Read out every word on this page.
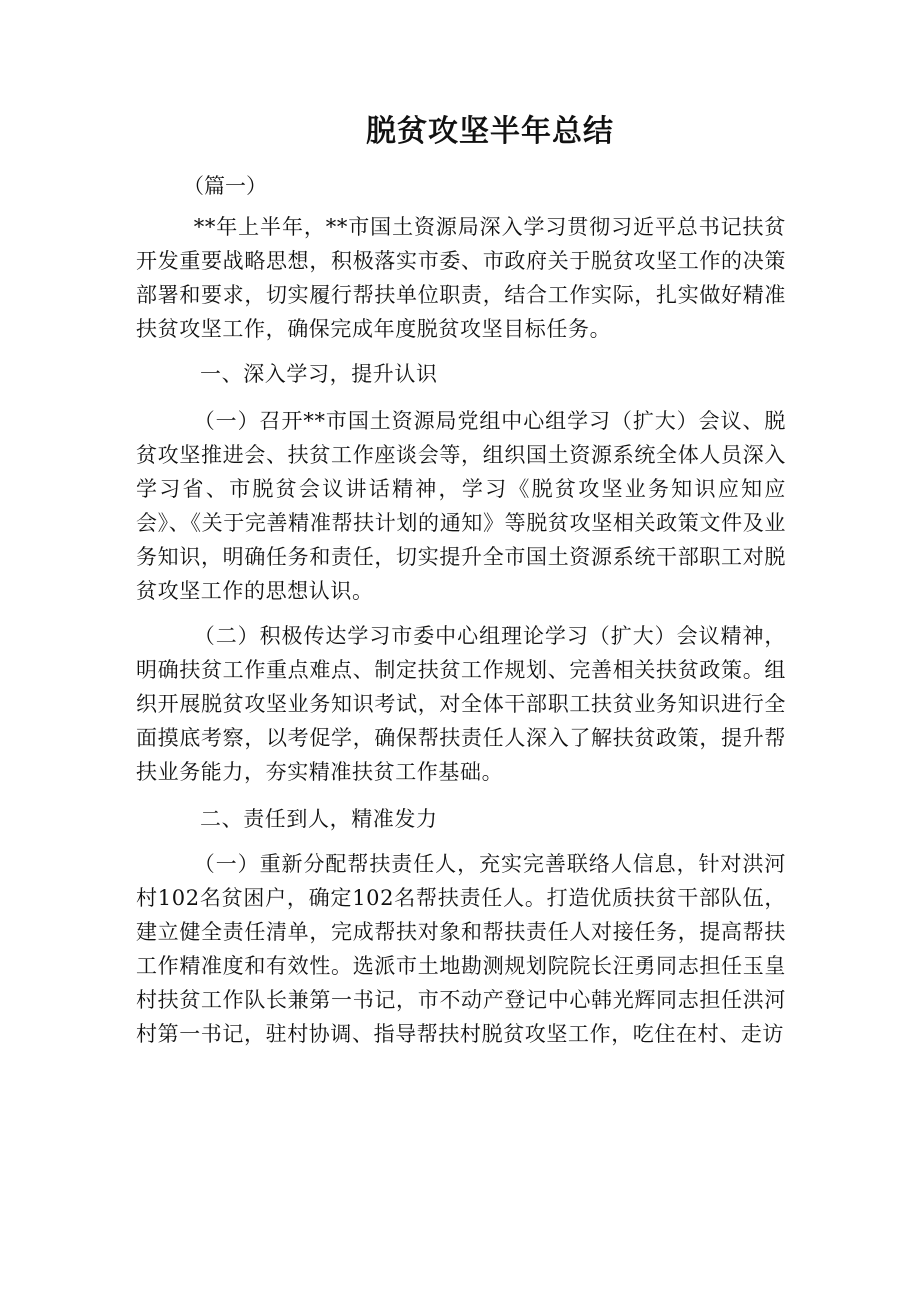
脱贫攻坚半年总结
（篇一）

**年上半年，**市国土资源局深入学习贯彻习近平总书记扶贫开发重要战略思想，积极落实市委、市政府关于脱贫攻坚工作的决策部署和要求，切实履行帮扶单位职责，结合工作实际，扎实做好精准扶贫攻坚工作，确保完成年度脱贫攻坚目标任务。

一、深入学习，提升认识

（一）召开**市国土资源局党组中心组学习（扩大）会议、脱贫攻坚推进会、扶贫工作座谈会等，组织国土资源系统全体人员深入学习省、市脱贫会议讲话精神，学习《脱贫攻坚业务知识应知应会》、《关于完善精准帮扶计划的通知》等脱贫攻坚相关政策文件及业务知识，明确任务和责任，切实提升全市国土资源系统干部职工对脱贫攻坚工作的思想认识。

（二）积极传达学习市委中心组理论学习（扩大）会议精神，明确扶贫工作重点难点、制定扶贫工作规划、完善相关扶贫政策。组织开展脱贫攻坚业务知识考试，对全体干部职工扶贫业务知识进行全面摸底考察，以考促学，确保帮扶责任人深入了解扶贫政策，提升帮扶业务能力，夯实精准扶贫工作基础。

二、责任到人，精准发力

（一）重新分配帮扶责任人，充实完善联络人信息，针对洪河村102名贫困户，确定102名帮扶责任人。打造优质扶贫干部队伍，建立健全责任清单，完成帮扶对象和帮扶责任人对接任务，提高帮扶工作精准度和有效性。选派市土地勘测规划院院长汪勇同志担任玉皇村扶贫工作队长兼第一书记，市不动产登记中心韩光辉同志担任洪河村第一书记，驻村协调、指导帮扶村脱贫攻坚工作，吃住在村、走访
